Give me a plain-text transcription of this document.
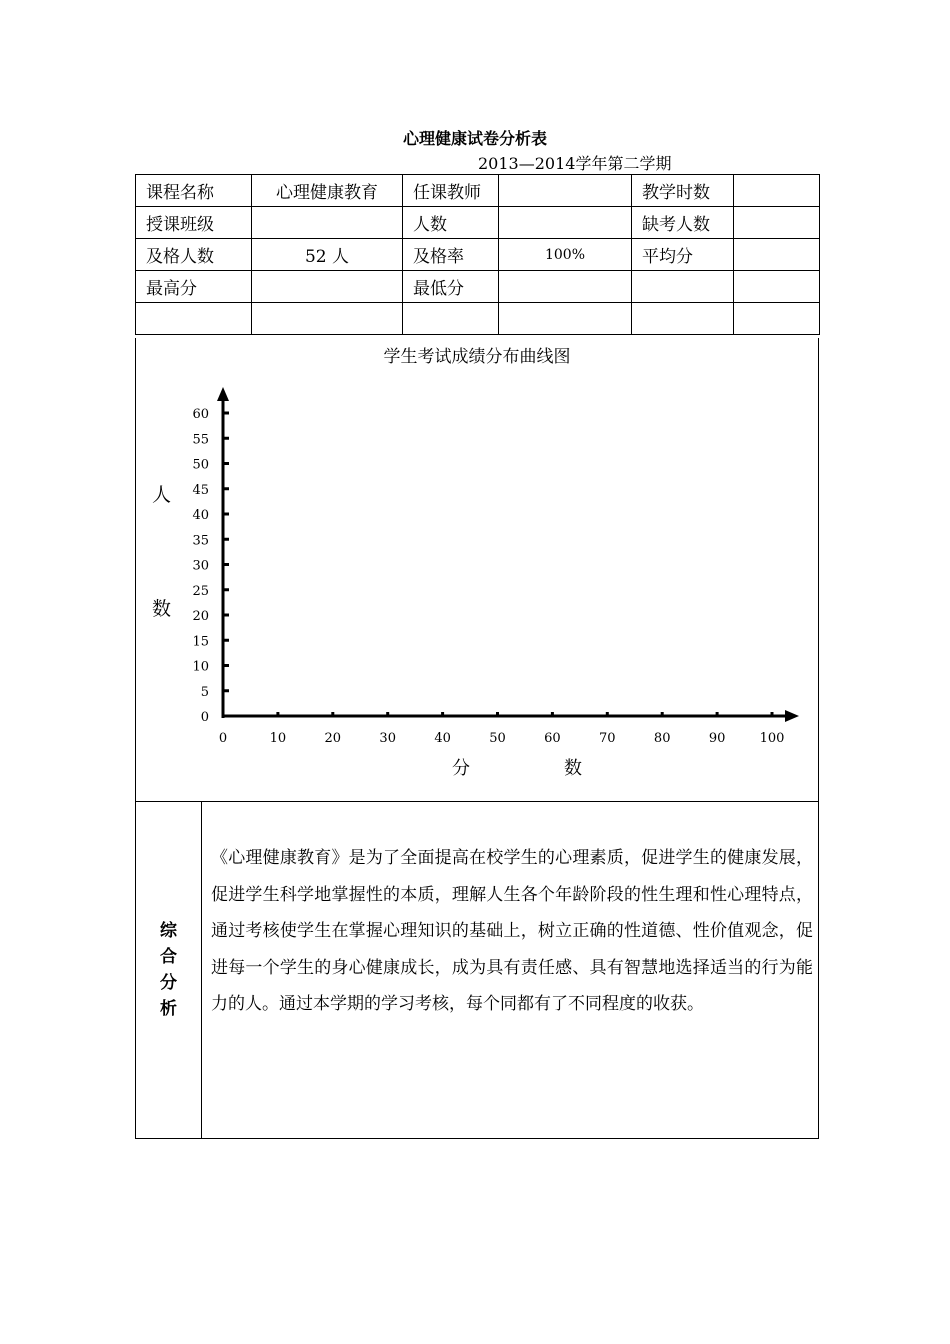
心理健康试卷分析表
2013—2014学年第二学期
课程名称	心理健康教育	任课教师		教学时数	
授课班级		人数		缺考人数	
及格人数	52 人	及格率	100%	平均分	
最高分		最低分			

学生考试成绩分布曲线图
0	10	20	30	40	50	60	70	80	90	100
0
5
10
15
20
25
30
35
40
45
50
55
60
人
数
分	数
综
合
分
析
《心理健康教育》是为了全面提高在校学生的心理素质，促进学生的健康发展，促进学生科学地掌握性的本质，理解人生各个年龄阶段的性生理和性心理特点，通过考核使学生在掌握心理知识的基础上，树立正确的性道德、性价值观念，促进每一个学生的身心健康成长，成为具有责任感、具有智慧地选择适当的行为能力的人。通过本学期的学习考核，每个同都有了不同程度的收获。
